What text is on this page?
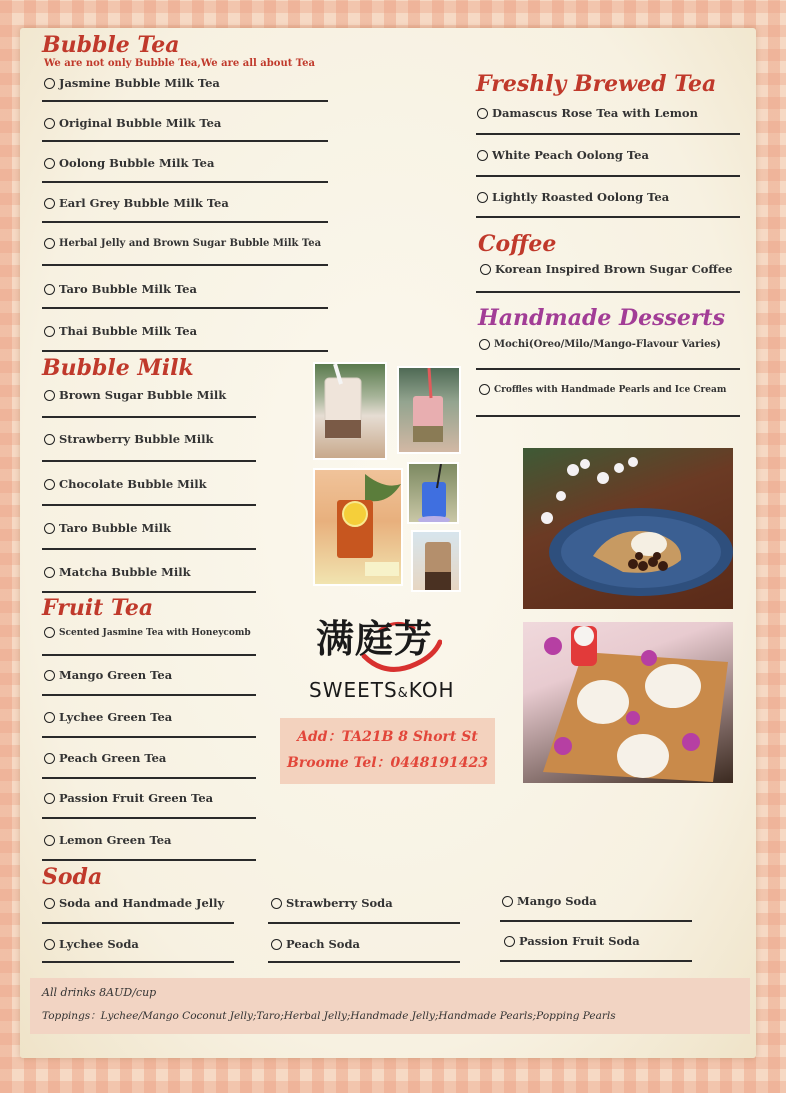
Bubble Tea
We are not only Bubble Tea,We are all about Tea
Jasmine Bubble Milk Tea
Original Bubble Milk Tea
Oolong Bubble Milk Tea
Earl Grey Bubble Milk Tea
Herbal Jelly and Brown Sugar Bubble Milk Tea
Taro Bubble Milk Tea
Thai Bubble Milk Tea
Bubble Milk
Brown Sugar Bubble Milk
Strawberry Bubble Milk
Chocolate Bubble Milk
Taro Bubble Milk
Matcha Bubble Milk
Fruit Tea
Scented Jasmine Tea with Honeycomb
Mango Green Tea
Lychee Green Tea
Peach Green Tea
Passion Fruit Green Tea
Lemon Green Tea
Soda
Soda and Handmade Jelly	Strawberry Soda	Mango Soda
Lychee Soda	Peach Soda	Passion Fruit Soda
Freshly Brewed Tea
Damascus Rose Tea with Lemon
White Peach Oolong Tea
Lightly Roasted Oolong Tea
Coffee
Korean Inspired Brown Sugar Coffee
Handmade Desserts
Mochi(Oreo/Milo/Mango-Flavour Varies)
Croffles with Handmade Pearls and Ice Cream
满庭芳
SWEETS&KOH
Add：TA21B 8 Short St
Broome Tel：0448191423
All drinks 8AUD/cup
Toppings：Lychee/Mango Coconut Jelly;Taro;Herbal Jelly;Handmade Jelly;Handmade Pearls;Popping Pearls
